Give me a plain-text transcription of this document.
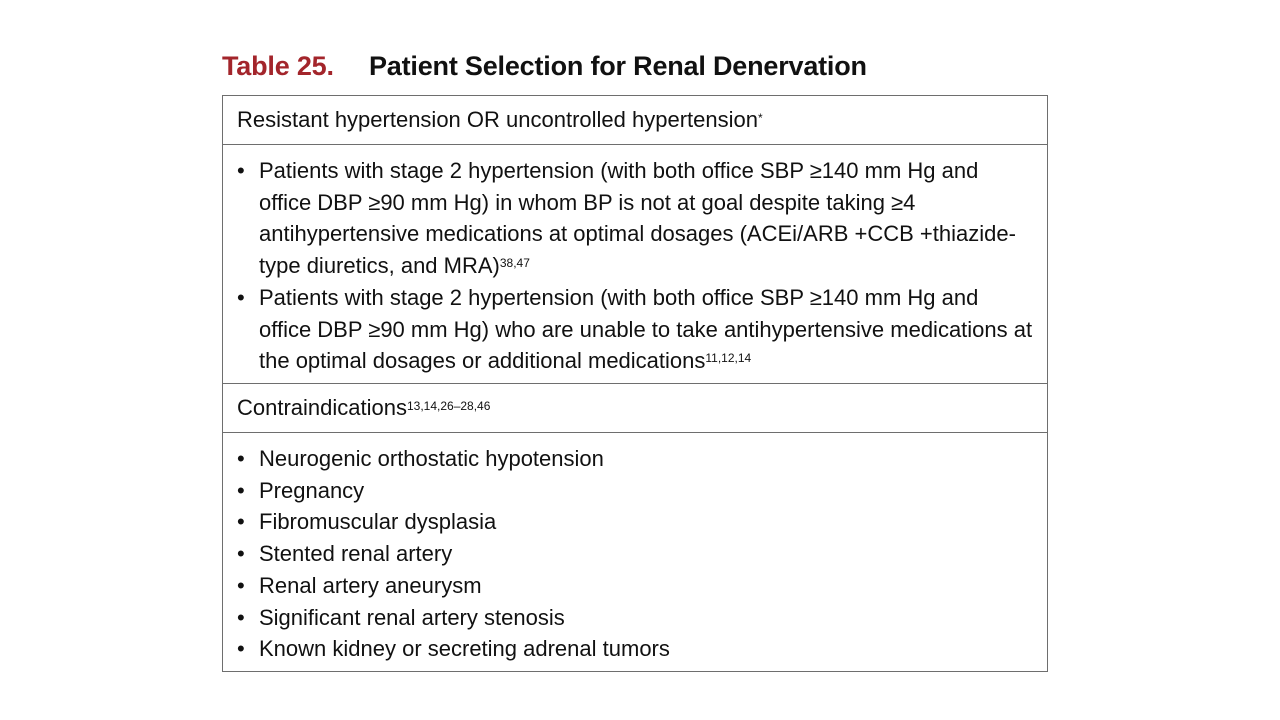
Table 25.	Patient Selection for Renal Denervation
Resistant hypertension OR uncontrolled hypertension*
• Patients with stage 2 hypertension (with both office SBP ≥140 mm Hg and office DBP ≥90 mm Hg) in whom BP is not at goal despite taking ≥4 antihypertensive medications at optimal dosages (ACEi/ARB +CCB +thiazide-type diuretics, and MRA)$^{38,47}$
• Patients with stage 2 hypertension (with both office SBP ≥140 mm Hg and office DBP ≥90 mm Hg) who are unable to take antihypertensive medications at the optimal dosages or additional medications$^{11,12,14}$
Contraindications$^{13,14,26-28,46}$
• Neurogenic orthostatic hypotension
• Pregnancy
• Fibromuscular dysplasia
• Stented renal artery
• Renal artery aneurysm
• Significant renal artery stenosis
• Known kidney or secreting adrenal tumors
